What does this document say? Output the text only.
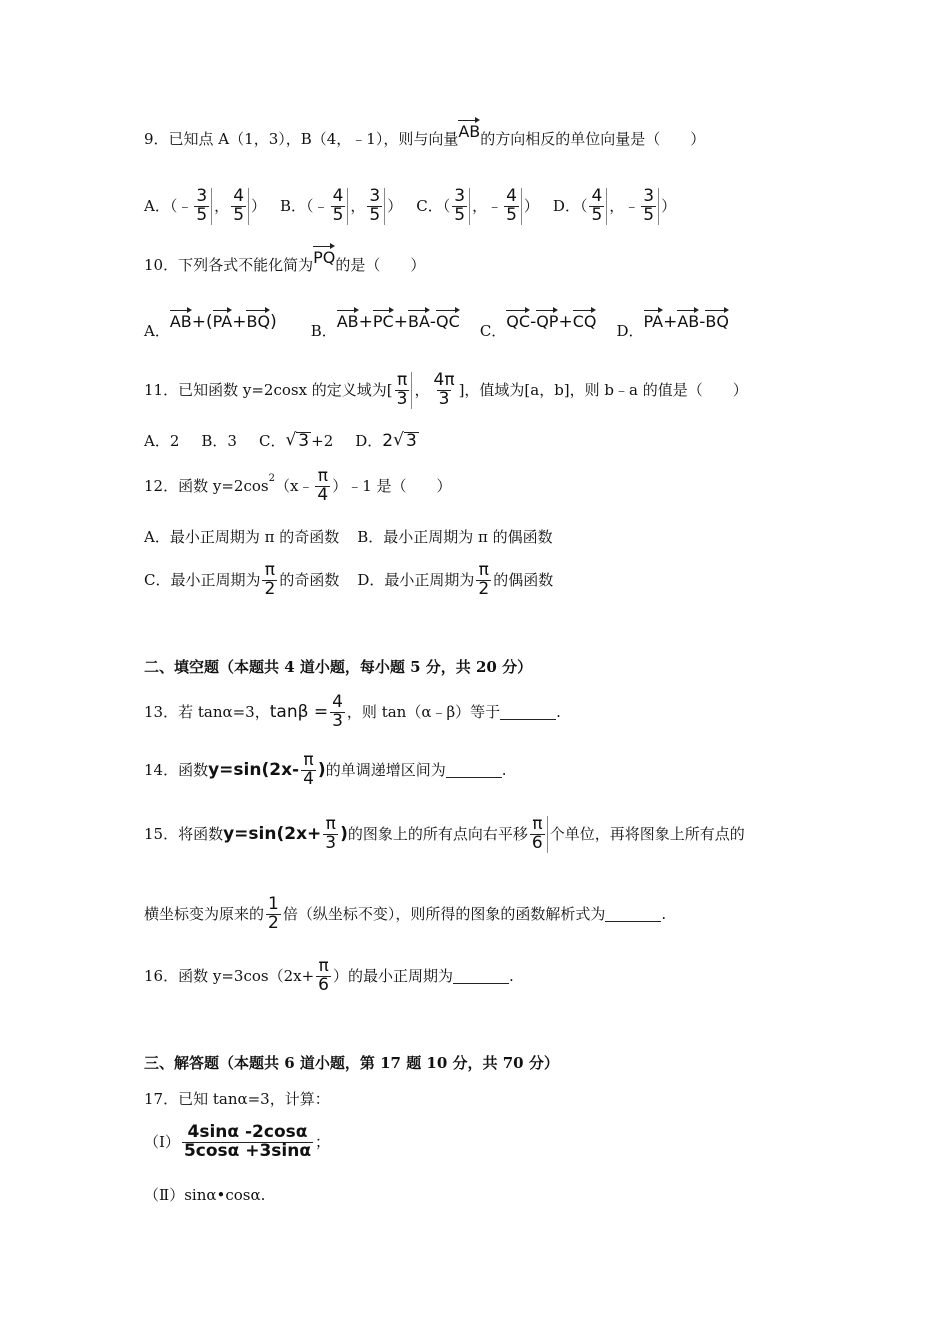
9．已知点 A（1，3），B（4，﹣1），则与向量 AB 的方向相反的单位向量是（　　）
A．（﹣ $\frac{3}{5}$ ， $\frac{4}{5}$ ） B．（﹣ $\frac{4}{5}$ ， $\frac{3}{5}$ ） C．（ $\frac{3}{5}$ ，﹣ $\frac{4}{5}$ ） D．（ $\frac{4}{5}$ ，﹣ $\frac{3}{5}$ ）
10．下列各式不能化简为 PQ 的是（　　）
A． AB+(PA+BQ) B． AB+PC+BA-QC C． QC-QP+CQ D． PA+AB-BQ
11．已知函数 y=2cosx 的定义域为[ $\frac{\pi}{3}$ ， $\frac{4\pi}{3}$ ]，值域为[a，b]，则 b﹣a 的值是（　　）
A．2 B．3 C． √ 3 +2 D． 2 √ 3
12．函数 y=2cos 2 （x﹣ $\frac{\pi}{4}$ ）﹣1 是（　　）
A．最小正周期为 π 的奇函数 B．最小正周期为 π 的偶函数
C．最小正周期为 $\frac{\pi}{2}$ 的奇函数 D．最小正周期为 $\frac{\pi}{2}$ 的偶函数
二、填空题（本题共 4 道小题，每小题 5 分，共 20 分）
13．若 tanα=3， $\tan\beta = \frac{4}{3}$ ，则 tan（α﹣β）等于	.
14．函数 $y=\sin(2x- \frac{\pi}{4}$ ) 的单调递增区间为	.
15．将函数 $y=\sin(2x+ \frac{\pi}{3}$ ) 的图象上的所有点向右平移 $\frac{\pi}{6}$ 个单位，再将图象上所有点的
横坐标变为原来的 $\frac{1}{2}$ 倍（纵坐标不变），则所得的图象的函数解析式为	.
16．函数 $y=3\cos(2x+ \frac{\pi}{6}$ ）的最小正周期为	.
三、解答题（本题共 6 道小题，第 17 题 10 分，共 70 分）
17．已知 tanα=3，计算：
（Ⅰ） $\frac{4\sin\alpha -2\cos\alpha}{5\cos\alpha +3\sin\alpha}$ ；
（Ⅱ）sinα•cosα.
